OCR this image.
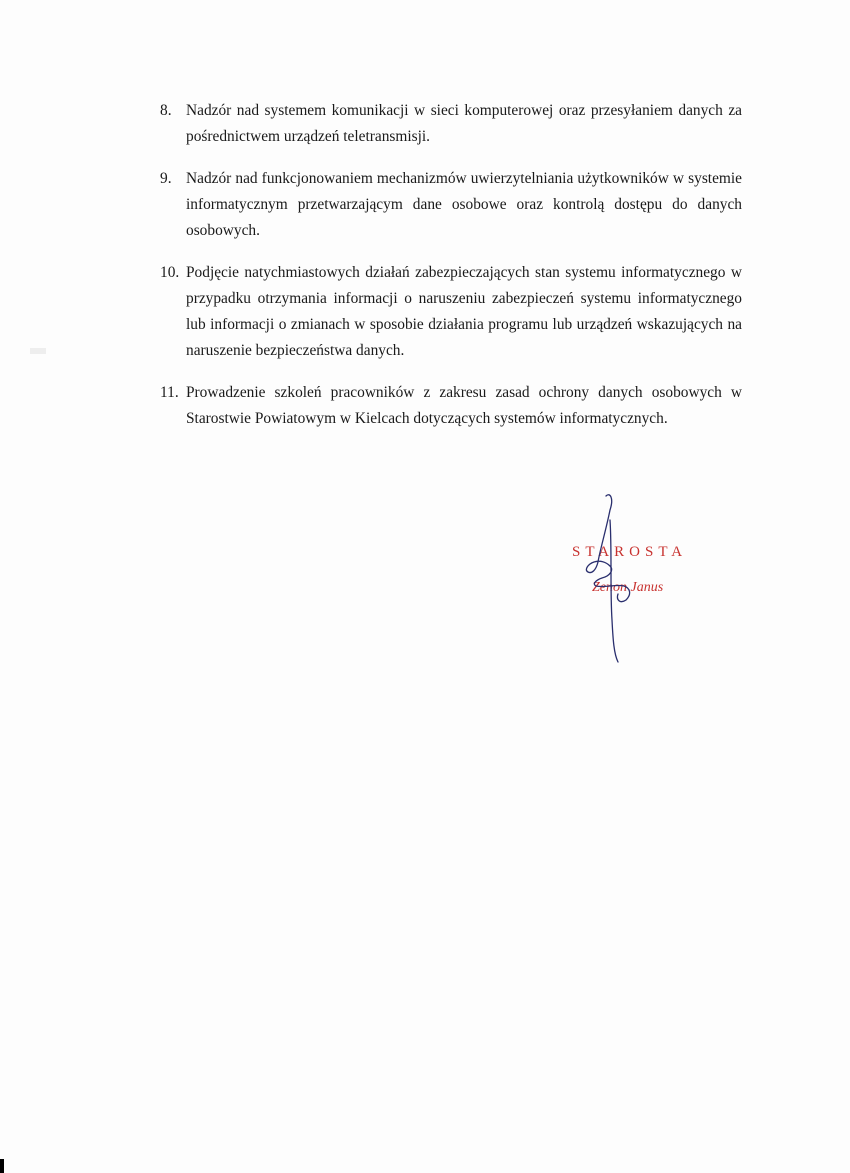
8. Nadzór nad systemem komunikacji w sieci komputerowej oraz przesyłaniem danych za pośrednictwem urządzeń teletransmisji.
9. Nadzór nad funkcjonowaniem mechanizmów uwierzytelniania użytkowników w systemie informatycznym przetwarzającym dane osobowe oraz kontrolą dostępu do danych osobowych.
10. Podjęcie natychmiastowych działań zabezpieczających stan systemu informatycznego w przypadku otrzymania informacji o naruszeniu zabezpieczeń systemu informatycznego lub informacji o zmianach w sposobie działania programu lub urządzeń wskazujących na naruszenie bezpieczeństwa danych.
11. Prowadzenie szkoleń pracowników z zakresu zasad ochrony danych osobowych w Starostwie Powiatowym w Kielcach dotyczących systemów informatycznych.
STAROSTA
Zenon Janus
